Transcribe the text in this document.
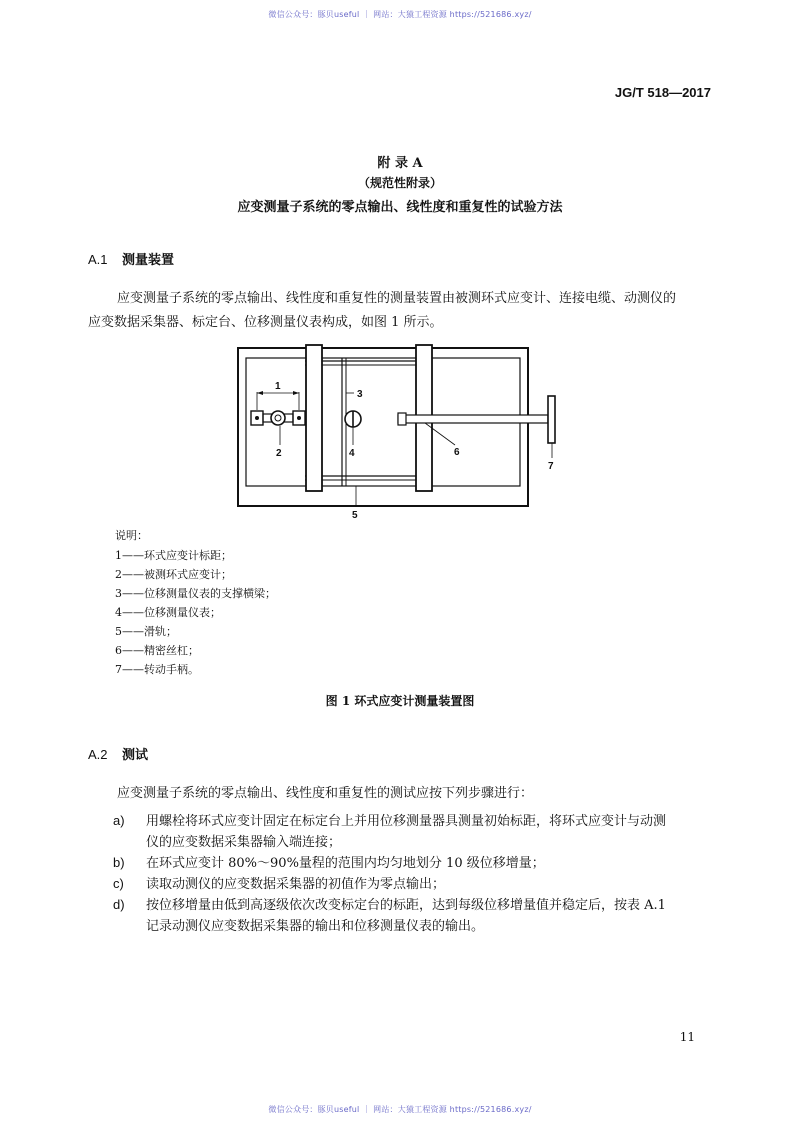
微信公众号：豚贝useful ｜ 网站：大猿工程资源 https://521686.xyz/
JG/T 518—2017
附 录 A
（规范性附录）
应变测量子系统的零点输出、线性度和重复性的试验方法
A.1 测量装置
应变测量子系统的零点输出、线性度和重复性的测量装置由被测环式应变计、连接电缆、动测仪的
应变数据采集器、标定台、位移测量仪表构成，如图 1 所示。
1
2
3
4
5
6
7
说明：
1——环式应变计标距；
2——被测环式应变计；
3——位移测量仪表的支撑横梁；
4——位移测量仪表；
5——滑轨；
6——精密丝杠；
7——转动手柄。
图 1 环式应变计测量装置图
A.2 测试
应变测量子系统的零点输出、线性度和重复性的测试应按下列步骤进行：
a) 用螺栓将环式应变计固定在标定台上并用位移测量器具测量初始标距，将环式应变计与动测
仪的应变数据采集器输入端连接；
b) 在环式应变计 80%～90%量程的范围内均匀地划分 10 级位移增量；
c) 读取动测仪的应变数据采集器的初值作为零点输出；
d) 按位移增量由低到高逐级依次改变标定台的标距，达到每级位移增量值并稳定后，按表 A.1
记录动测仪应变数据采集器的输出和位移测量仪表的输出。
11
微信公众号：豚贝useful ｜ 网站：大猿工程资源 https://521686.xyz/
